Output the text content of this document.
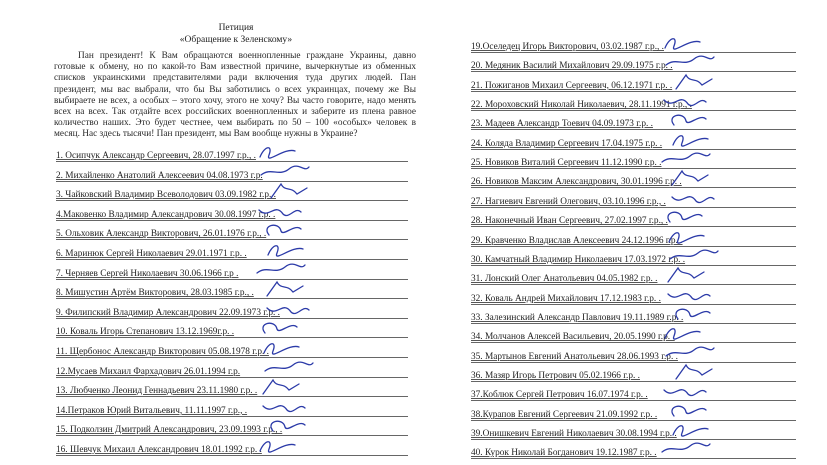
Петиция
«Обращение к Зеленскому»
Пан президент! К Вам обращаются военнопленные граждане Украины, давно готовые к обмену, но по какой-то Вам известной причине, вычеркнутые из обменных списков украинскими представителями ради включения туда других людей. Пан президент, мы вас выбрали, что бы Вы заботились о всех украинцах, почему же Вы выбираете не всех, а особых – этого хочу, этого не хочу? Вы часто говорите, надо менять всех на всех. Так отдайте всех российских военнопленных и заберите из плена равное количество наших. Это будет честнее, чем выбирать по 50 – 100 «особых» человек в месяц. Нас здесь тысячи! Пан президент, мы Вам вообще нужны в Украине?
1. Осипчук Александр Сергеевич, 28.07.1997 г.р., .
2. Михайленко Анатолий Алексеевич 04.08.1973 г.р.
3. Чайковский Владимир Всеволодович 03.09.1982 г.р. .
4.Маковенко Владимир Александрович 30.08.1997 г.р. .
5. Ольховик Александр Викторович, 26.01.1976 г.р., .
6. Маринюк Сергей Николаевич 29.01.1971 г.р. .
7. Черняев Сергей Николаевич 30.06.1966 г.р .
8. Мишустин Артём Викторович, 28.03.1985 г.р., .
9. Филипский Владимир Александрович 22.09.1973 г.р. .
10. Коваль Игорь Степанович 13.12.1969г.р. .
11. Щербонос Александр Викторович 05.08.1978 г.р. .
12.Мусаев Михаил Фархадович 26.01.1994 г.р.
13. Любченко Леонид Геннадьевич 23.11.1980 г.р. .
14.Петраков Юрий Витальевич, 11.11.1997 г.р., .
15. Подколзин Дмитрий Александрович, 23.09.1993 г.р., .
16. Шевчук Михаил Александрович 18.01.1992 г.р. .
19.Оселедец Игорь Викторович, 03.02.1987 г.р., .
20. Медяник Василий Михайлович 29.09.1975 г.р. .
21. Пожиганов Михаил Сергеевич, 06.12.1971 г.р. .
22. Мороховский Николай Николаевич, 28.11.1991 г.р., .
23. Мадеев Александр Тоевич 04.09.1973 г.р. .
24. Коляда Владимир Сергеевич 17.04.1975 г.р. .
25. Новиков Виталий Сергеевич 11.12.1990 г.р. .
26. Новиков Максим Александрович, 30.01.1996 г.р. .
27. Нагиевич Евгений Олегович, 03.10.1996 г.р., .
28. Наконечный Иван Сергеевич, 27.02.1997 г.р., .
29. Кравченко Владислав Алексеевич 24.12.1996 г.р. .
30. Камчатный Владимир Николаевич 17.03.1972 г.р. .
31. Лонский Олег Анатольевич 04.05.1982 г.р. .
32. Коваль Андрей Михайлович 17.12.1983 г.р. .
33. Залезинский Александр Павлович 19.11.1989 г.р. .
34. Молчанов Алексей Васильевич, 20.05.1990 г.р. .
35. Мартынов Евгений Анатольевич 28.06.1993 г.р. .
36. Мазяр Игорь Петрович 05.02.1966 г.р. .
37.Коблюк Сергей Петрович 16.07.1974 г.р. .
38.Курапов Евгений Сергеевич 21.09.1992 г.р. .
39.Онишкевич Евгений Николаевич 30.08.1994 г.р. .
40. Курок Николай Богданович 19.12.1987 г.р. .
